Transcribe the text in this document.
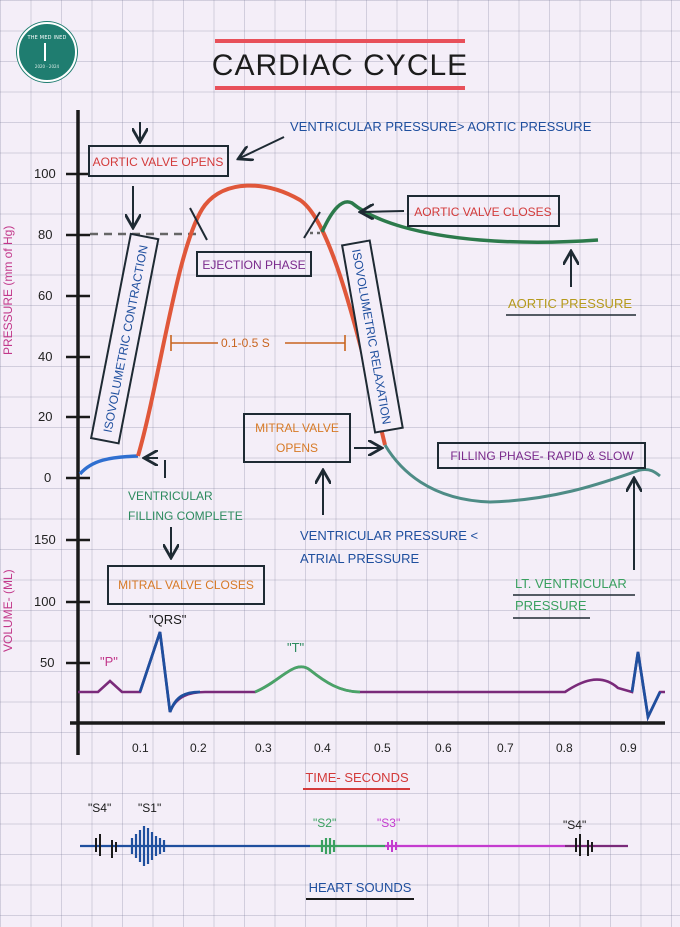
THE MED INED
2020 · 2024	CARDIAC CYCLE
100
80
60
40
20
0
150
100
50
PRESSURE (mm of Hg)
VOLUME- (ML)
0.1	0.2	0.3	0.4	0.5	0.6	0.7	0.8	0.9
TIME- SECONDS
"P"
"QRS"
"T"
AORTIC VALVE OPENS
VENTRICULAR PRESSURE> AORTIC PRESSURE
AORTIC VALVE CLOSES
EJECTION PHASE
ISOVOLUMETRIC CONTRACTION	ISOVOLUMETRIC RELAXATION
0.1-0.5 S
AORTIC PRESSURE
MITRAL VALVE
OPENS
FILLING PHASE- RAPID & SLOW
VENTRICULAR
FILLING COMPLETE
VENTRICULAR PRESSURE <
ATRIAL PRESSURE
MITRAL VALVE CLOSES	LT. VENTRICULAR
PRESSURE
"S4" "S1"
"S2"	"S3"	"S4"
HEART SOUNDS
